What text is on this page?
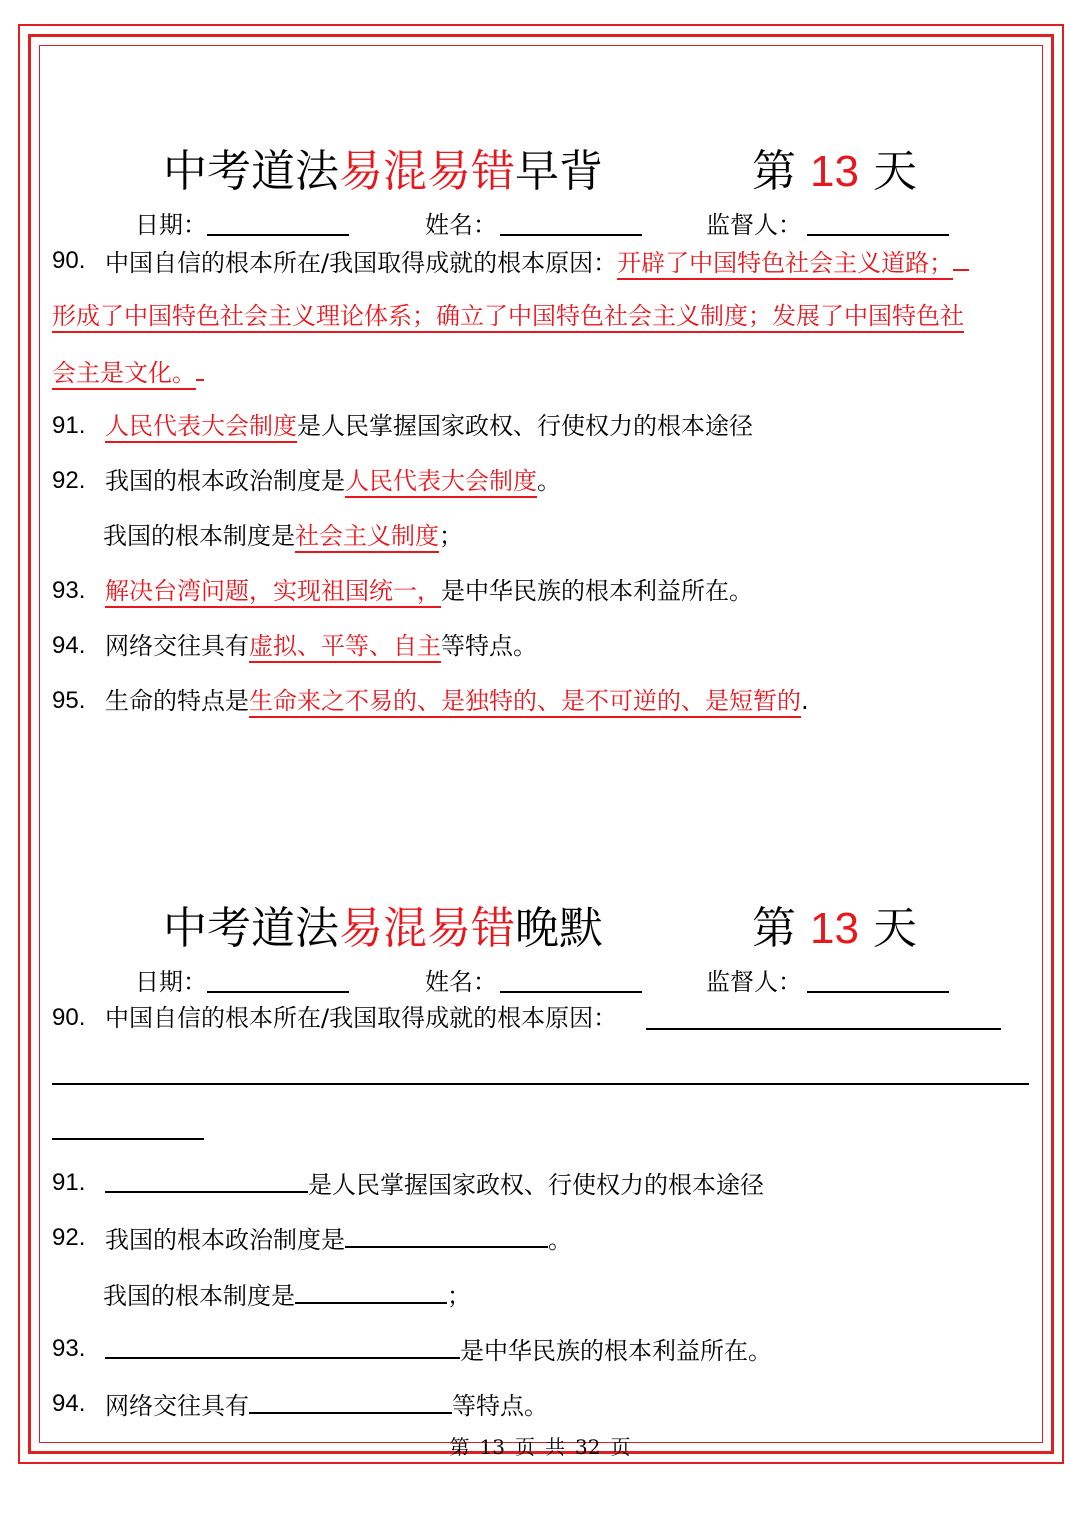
中考道法易混易错早背	第 13 天
日期：	姓名：	监督人：
90. 中国自信的根本所在/我国取得成就的根本原因：开辟了中国特色社会主义道路；
形成了中国特色社会主义理论体系；确立了中国特色社会主义制度；发展了中国特色社
会主是文化。
91. 人民代表大会制度是人民掌握国家政权、行使权力的根本途径
92. 我国的根本政治制度是人民代表大会制度。
我国的根本制度是社会主义制度；
93. 解决台湾问题，实现祖国统一，是中华民族的根本利益所在。
94. 网络交往具有虚拟、平等、自主等特点。
95. 生命的特点是生命来之不易的、是独特的、是不可逆的、是短暂的.
中考道法易混易错晚默	第 13 天
日期：	姓名：	监督人：
90. 中国自信的根本所在/我国取得成就的根本原因：
91.	是人民掌握国家政权、行使权力的根本途径
92. 我国的根本政治制度是	。
我国的根本制度是	；
93.	是中华民族的根本利益所在。
94. 网络交往具有	等特点。
第 13 页 共 32 页
